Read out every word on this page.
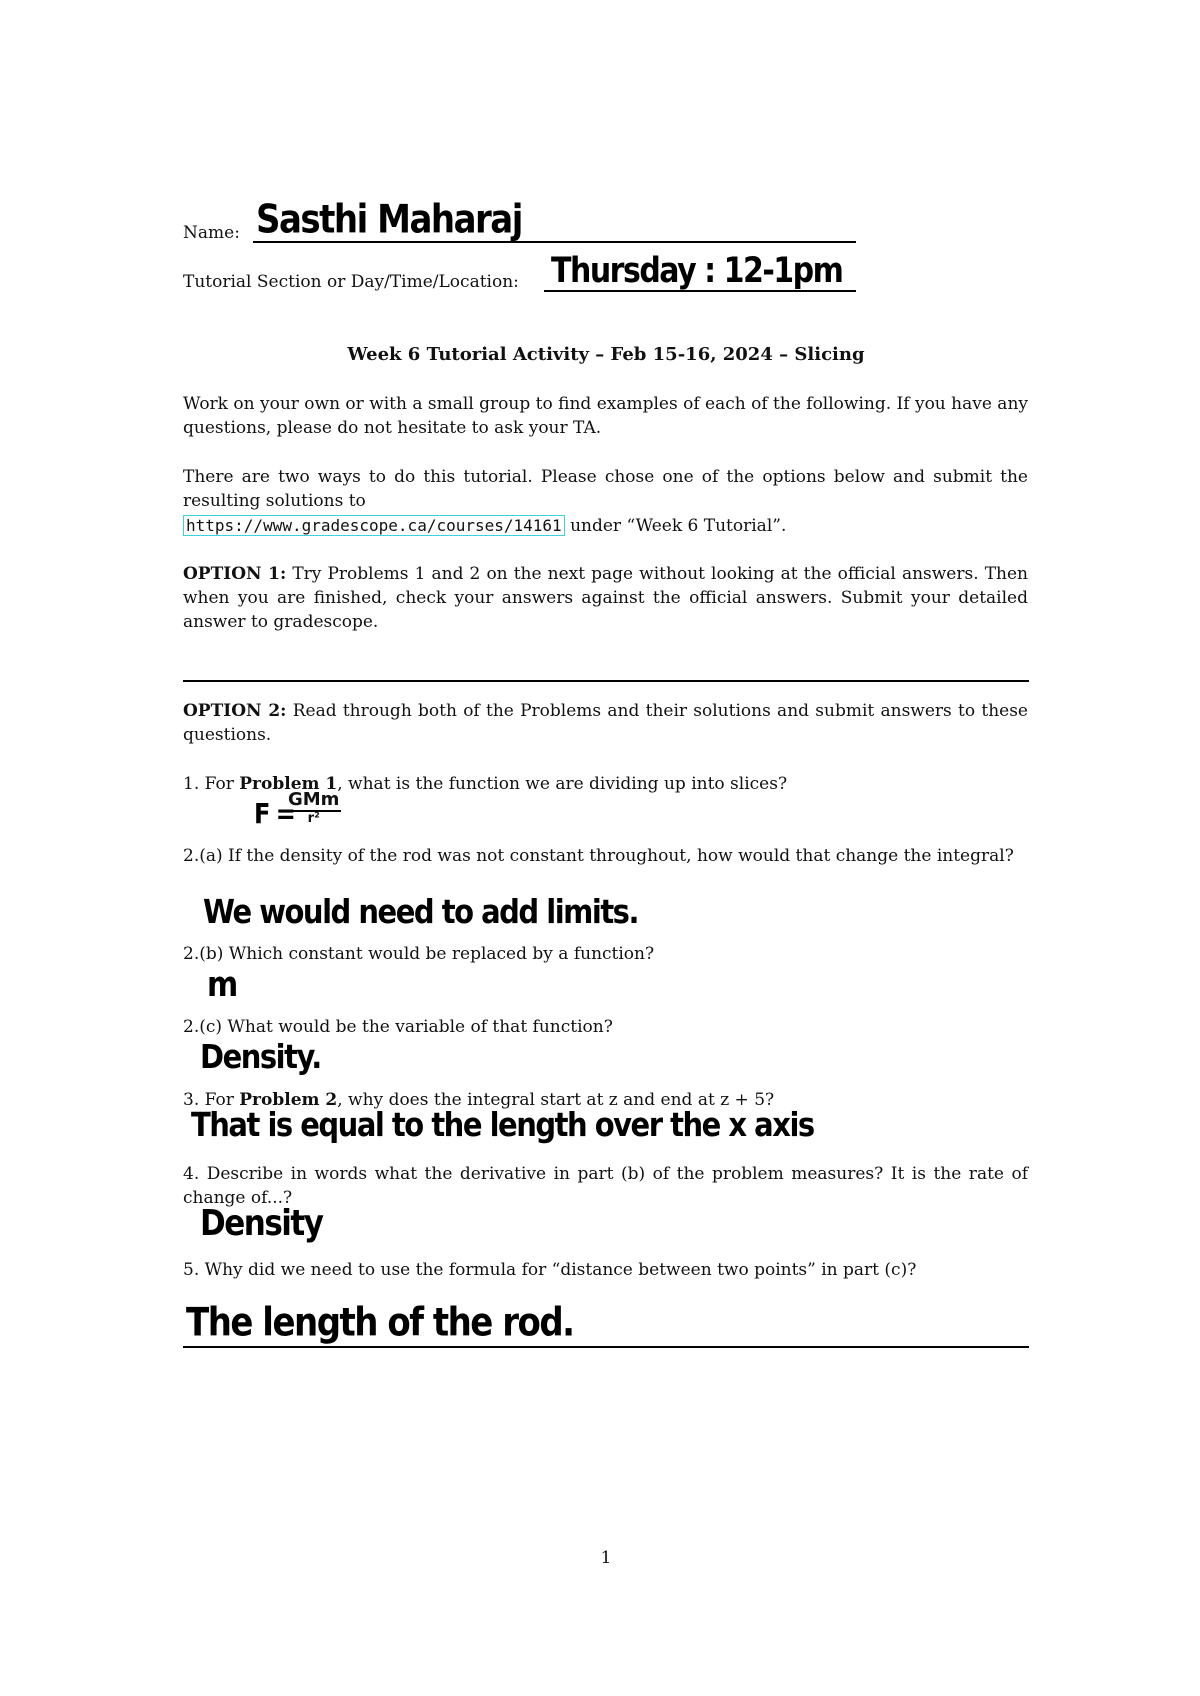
Name: Sasthi Maharaj
Tutorial Section or Day/Time/Location: Thursday : 12-1pm
Week 6 Tutorial Activity – Feb 15-16, 2024 – Slicing
Work on your own or with a small group to find examples of each of the following. If you have any questions, please do not hesitate to ask your TA.
There are two ways to do this tutorial. Please chose one of the options below and submit the resulting solutions to
https://www.gradescope.ca/courses/14161 under “Week 6 Tutorial”.
OPTION 1: Try Problems 1 and 2 on the next page without looking at the official answers. Then when you are finished, check your answers against the official answers. Submit your detailed answer to gradescope.
OPTION 2: Read through both of the Problems and their solutions and submit answers to these questions.
1. For Problem 1, what is the function we are dividing up into slices?
F =
GMm
r²
2.(a) If the density of the rod was not constant throughout, how would that change the integral?
We would need to add limits.
2.(b) Which constant would be replaced by a function?
m
2.(c) What would be the variable of that function?
Density.
3. For Problem 2, why does the integral start at z and end at z + 5?
That is equal to the length over the x axis
4. Describe in words what the derivative in part (b) of the problem measures? It is the rate of change of...?
Density
5. Why did we need to use the formula for “distance between two points” in part (c)?
The length of the rod.
1
